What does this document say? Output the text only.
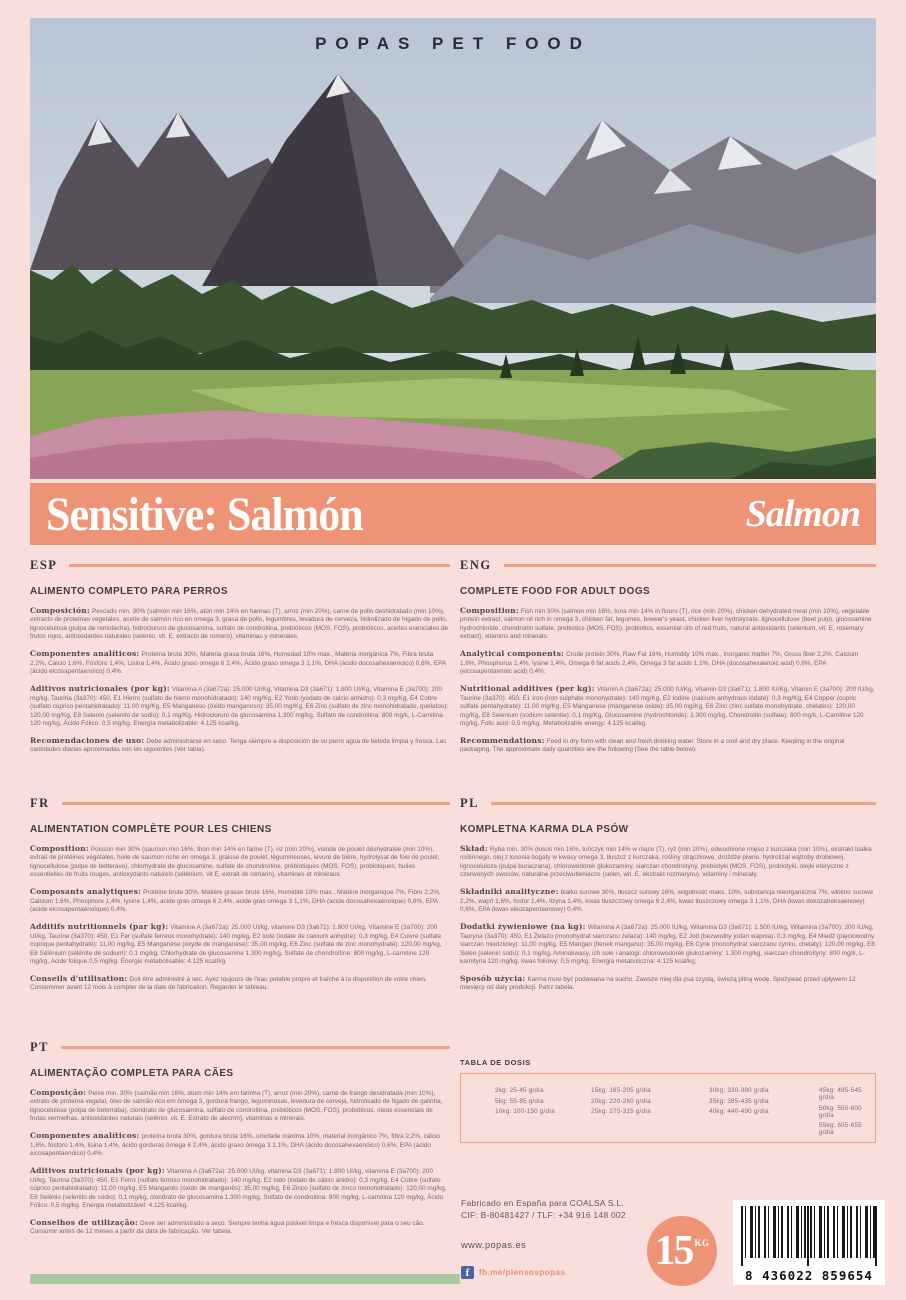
POPAS PET FOOD
Sensitive: Salmón	Salmon
ESP
ALIMENTO COMPLETO PARA PERROS

Composición: Pescado min. 30% (salmón min 16%, atún min 14% en harinas (T), arroz (min 20%), carne de pollo deshidratado (min 10%), extracto de proteínas vegetales, aceite de salmón rico en omega 3, grasa de pollo, legumbres, levadura de cerveza, hidrolizado de hígado de pollo, lignocelulosa (pulpa de remolacha), hidrocloruro de glucosamina, sulfato de condroitina, prebióticos (MOS, FOS), probióticos, aceites esenciales de frutos rojos, antioxidantes naturales (selenio, vit. E, extracto de romero), vitaminas y minerales.

Componentes analíticos: Proteína bruta 30%, Materia grasa bruta 16%, Humedad 10% max., Materia inorgánica 7%, Fibra bruta 2,2%, Calcio 1,6%, Fósforo 1,4%, Lisina 1,4%, Ácido graso omega 6 2,4%, Ácido graso omega 3 1,1%, DHA (ácido docosahexaenoico) 0,6%, EPA (ácido eicosapentaenoico) 0,4%.

Aditivos nutricionales (por kg): Vitamina A (3a672a): 25.000 UI/Kg, Vitamina D3 (3a671): 1.800 UI/Kg, Vitamina E (3a700): 200 mg/kg, Taurina (3a370): 450, E1 Hierro (sulfato de hierro monohidratado): 140 mg/Kg, E2 Yodo (yodato de calcio anhidro): 0,3 mg/Kg, E4 Cobre (sulfato cúprico pentahidratado): 11,00 mg/Kg, E5 Manganeso (óxido manganoso): 35,00 mg/Kg, E6 Zinc (sulfato de zinc monohidratado, quelatos): 120,00 mg/Kg, E8 Selenio (selenito de sodio): 0,1 mg/Kg, Hidrocloruro de glucosamina 1.300 mg/kg, Sulfato de condroitina: 800 mg/k, L-Carnitina 120 mg/kg, Ácido Fólico: 0,5 mg/kg. Energía metabolizable: 4.125 kcal/kg.

Recomendaciones de uso: Debe administrarse en seco. Tenga siempre a disposición de su perro agua de bebida limpia y fresca. Las cantidades diarias aproximadas son las siguientes (Ver tabla).

ENG
COMPLETE FOOD FOR ADULT DOGS

Composition: Fish min 30% (salmon min 16%, tuna min 14% in flours (T), rice (min 20%), chicken dehydrated meat (min 10%), vegetable protein extract, salmon oil rich in omega 3, chicken fat, legumes, brewer's yeast, chicken liver hydrolyzate, lignocellulose (beet pulp), glucosamine hydrochloride, chondroitin sulfate, prebiotics (MOS, FOS), probiotics, essential oils of red fruits, natural antioxidants (selenium, vit. E, rosemary extract), vitamins and minerals.

Analytical components: Crude protein 30%, Raw Fat 16%, Humidity 10% max., Inorganic matter 7%, Gross fiber 2,2%, Calcium 1,6%, Phosphorus 1,4%, lysine 1,4%, Omega 6 fat acids 2,4%, Omega 3 fat acids 1,1%, DHA (docosahexaenoic acid) 0,6%, EPA (eicosapentaenoic acid) 0,4%.

Nutritional additives (per kg): Vitamin A (3a672a): 25.000 IU/Kg, Vitamin D3 (3a671): 1.800 IU/Kg, Vitamin E (3a700): 200 IU/kg, Taurine (3a370): 450, E1 Iron (iron sulphate monohydrate): 140 mg/Kg, E2 Iodine (calcium anhydrous iodate): 0,3 mg/Kg, E4 Copper (cupric sulfate pentahydrate): 11,00 mg/Kg, E5 Manganese (manganese oxide): 35,00 mg/Kg, E6 Zinc (zinc sulfate monohydrate, chelates): 120,00 mg/Kg, E8 Selenium (sodium selenite): 0,1 mg/Kg, Glucosamine (hydrochloride): 1.300 mg/kg, Chondroitin (sulfate): 800 mg/k, L-Carnitine 120 mg/kg, Folic acid: 0,5 mg/kg. Metabolizable energy: 4.125 kcal/kg.

Recommendations: Feed in dry form with clean and fresh drinking water. Store in a cool and dry place. Keeping in the original packaging. The approximate daily quantities are the following (See the table below).

FR
ALIMENTATION COMPLÈTE POUR LES CHIENS

Composition: Poisson min 30% (saumon min 16%, thon min 14% en farine (T), riz (min 20%), viande de poulet déshydratée (min 10%), extrait de protéines végétales, huile de saumon riche en omega 3, graisse de poulet, légumineuses, levure de bière, hydrolysat de foie de poulet, lignocellulose (pulpe de betterave), chlorhydrate de glucosamine, sulfate de chondroïtine, prébiotiques (MOS, FOS), probiotiques, huiles essentielles de fruits rouges, antioxydants naturels (sélénium, vit E, extrait de romarin), vitamines et minéraux.

Composants analytiques: Protéine brute 30%, Matière grasse brute 16%, Humidité 10% max., Matière inorganique 7%, Fibre 2,2%, Calcium 1,6%, Phosphore 1,4%, lysine 1,4%, acide gras omega 6 2,4%, acide gras omega 3 1,1%, DHA (acide docosahexaénoïque) 0,6%, EPA (acide eicosapentaénoïque) 0,4%.

Additifs nutritionnels (par kg): Vitamine A (3a672a): 25.000 UI/kg, vitamine D3 (3a671): 1.800 UI/kg, Vitamine E (3a700): 200 UI/kg, Taurine (3a370): 450, E1 Fer (sulfate ferreux monohydraté): 140 mg/kg, E2 Iode (iodate de calcium anhydre): 0,3 mg/kg, E4 Cuivre (sulfate cuprique pentahydraté): 11,00 mg/kg, E5 Manganèse (oxyde de manganèse): 35,00 mg/kg, E6 Zinc (sulfate de zinc monohydraté): 120,00 mg/kg, E8 Sélénium (sélénite de sodium): 0,1 mg/kg, Chlorhydrate de glucosamine 1.300 mg/kg, Sulfate de chondroïtine: 800 mg/kg, L-carnitine 120 mg/kg, Acide folique 0,5 mg/kg. Énergie métabolisable: 4.125 kcal/kg.

Conseils d'utilisation: Doit être administré à sec. Ayez toujours de l'eau potable propre et fraîche à la disposition de votre chien. Consommer avant 12 mois à compter de la date de fabrication. Regarder le tableau.

PL
KOMPLETNA KARMA DLA PSÓW

Skład: Ryba min. 30% (łosoś min 16%, tuńczyk min 14% w mące (T), ryż (min 20%), odwodnione mięso z kurczaka (min 10%), ekstrakt białka roślinnego, olej z łososia bogaty w kwasy omega 3, tłuszcz z kurczaka, rośliny strączkowe, drożdże piwne, hydrolizat wątroby drobiowej, lignoceluloza (pulpa buraczana), chlorowodorek glukozaminy, siarczan chondroityny, prebiotyki (MOS, FOS), probiotyki, olejki eteryczne z czerwonych owoców, naturalne przeciwutleniacze (selen, wit. E, ekstrakt rozmarynu), witaminy i minerały.

Składniki analityczne: białko surowe 30%, tłuszcz surowy 16%, wilgotność maks. 10%, substancja nieorganiczna 7%, włókno surowe 2,2%, wapń 1,6%, fosfor 1,4%, lizyna 1,4%, kwas tłuszczowy omega 6 2,4%, kwas tłuszczowy omega 3 1,1%, DHA (kwas dokozaheksaenowy) 0,6%, EPA (kwas eikozapentaenowy) 0,4%.

Dodatki żywieniowe (na kg): Witamina A (3a672a): 25.000 IU/kg, Witamina D3 (3a671): 1.500 IU/kg, Witamina (3a700): 200 IU/kg, Tauryna (3a370): 450, E1 Żelazo (monohydrat siarczanu żelaza): 140 mg/kg, E2 Jod (bezwodny jodan wapnia): 0,3 mg/kg, E4 Miedź (pięciowodny siarczan miedziowy): 11,00 mg/kg, E5 Mangan (tlenek manganu): 35,00 mg/kg, E6 Cynk (monohydrat siarczanu cynku, chelaty): 120,00 mg/kg, E8 Selen (selenin sodu): 0,1 mg/kg, Aminokwasy, ich sole i analogi: chlorowodorek glukozaminy: 1.300 mg/kg, siarczan chondroityny: 800 mg/k, L-karnityna 120 mg/kg, kwas foliowy: 0,5 mg/kg. Energia metaboliczna: 4.125 kcal/kg.

Sposób użycia: Karma musi być podawana na sucho. Zawsze miej dla psa czystą, świeżą pitną wodę. Spożywać przed upływem 12 miesięcy od daty produkcji. Patrz tabela.

PT
ALIMENTAÇÃO COMPLETA PARA CÃES

Composição: Peixe min. 30% (salmão min 16%, atum min 14% em farinha (T), arroz (min 20%), carne de frango desidratada (min 10%), extrato de proteína vegetal, óleo de salmão rico em ômega 3, gordura frango, leguminosas, levedura de cerveja, hidrolisado de fígado de galinha, lignocelulose (polpa de beterraba), cloridrato de glucosamina, sulfato de condroitina, prebióticos (MOS, FOS), probióticos, óleos essenciais de frutas vermelhas, antioxidantes naturais (selênio, vit. E, Extrato de alecrim), vitaminas e minerais.

Componentes analíticos: proteína bruta 30%, gordura bruta 16%, umidade máxima 10%, material inorgânico 7%, fibra 2,2%, cálcio 1,6%, fósforo 1,4%, lisina 1,4%, ácido gorduras ômega 6 2,4%, ácido graxo ômega 3 1,1%, DHA (ácido docosahexaenóico) 0,6%, EPA (ácido eicosapentaenóico) 0,4%.

Aditivos nutricionais (por kg): Vitamina A (3a672a): 25.000 UI/kg, vitamina D3 (3a671): 1.800 UI/kg, vitamina E (3a700): 200 UI/kg, Taurina (3a370): 450, E1 Ferro (sulfato ferroso monohidratado): 140 mg/kg, E2 Iodo (iodato de cálcio anidro): 0,3 mg/kg, E4 Cobre (sulfato cúprico pentahidratado): 11,00 mg/kg, E5 Manganês (óxido de manganês): 35,00 mg/kg, E6 Zinco (sulfato de zinco monohidratado): 120,00 mg/kg, E8 Selênio (selenito de sódio): 0,1 mg/kg, cloridrato de glucosamina 1.300 mg/kg, Sulfato de condroitina: 800 mg/kg, L-carnitina 120 mg/kg, Ácido Fólico: 0,5 mg/kg. Energia metabolizável: 4.125 kcal/kg.

Conselhos de utilização: Deve ser administrado a seco. Sempre tenha água potável limpa e fresca disponível para o seu cão. Consumir antes de 12 meses a partir da data de fabricação. Ver tabela.

TABLA DE DOSIS
2kg: 25-45 g/día
5kg: 55-85 g/día
10kg: 100-150 g/día
15kg: 165-205 g/día
20kg: 220-260 g/día
25kg: 275-315 g/día
30kg: 330-380 g/día
35kg: 385-435 g/día
40kg: 440-490 g/día
45kg: 495-545 g/día
50kg: 550-600 g/día
55kg: 605-655 g/día
Fabricado en España para COALSA S.L.
CIF: B-80481427 / TLF: +34 916 148 002
www.popas.es
f	fb.me/piensospopas 15 KG
8 436022 859654
